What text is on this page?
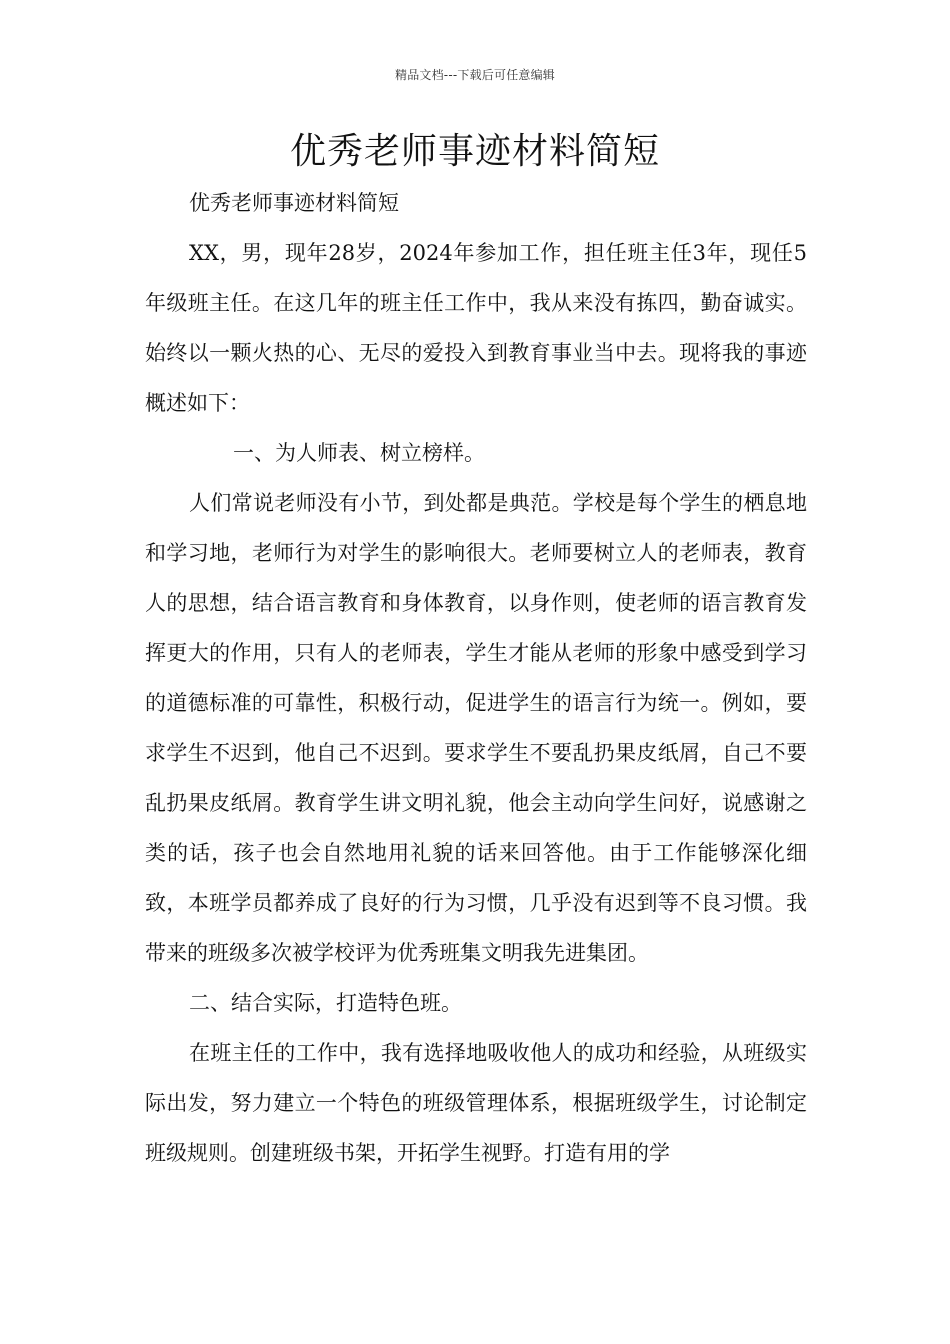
精品文档---下载后可任意编辑
优秀老师事迹材料简短

优秀老师事迹材料简短

XX，男，现年28岁，2024年参加工作，担任班主任3年，现任5年级班主任。在这几年的班主任工作中，我从来没有拣四，勤奋诚实。始终以一颗火热的心、无尽的爱投入到教育事业当中去。现将我的事迹概述如下：

一、为人师表、树立榜样。

人们常说老师没有小节，到处都是典范。学校是每个学生的栖息地和学习地，老师行为对学生的影响很大。老师要树立人的老师表，教育人的思想，结合语言教育和身体教育，以身作则，使老师的语言教育发挥更大的作用，只有人的老师表，学生才能从老师的形象中感受到学习的道德标准的可靠性，积极行动，促进学生的语言行为统一。例如，要求学生不迟到，他自己不迟到。要求学生不要乱扔果皮纸屑，自己不要乱扔果皮纸屑。教育学生讲文明礼貌，他会主动向学生问好，说感谢之类的话，孩子也会自然地用礼貌的话来回答他。由于工作能够深化细致，本班学员都养成了良好的行为习惯，几乎没有迟到等不良习惯。我带来的班级多次被学校评为优秀班集文明我先进集团。

二、结合实际，打造特色班。

在班主任的工作中，我有选择地吸收他人的成功和经验，从班级实际出发，努力建立一个特色的班级管理体系，根据班级学生，讨论制定班级规则。创建班级书架，开拓学生视野。打造有用的学
